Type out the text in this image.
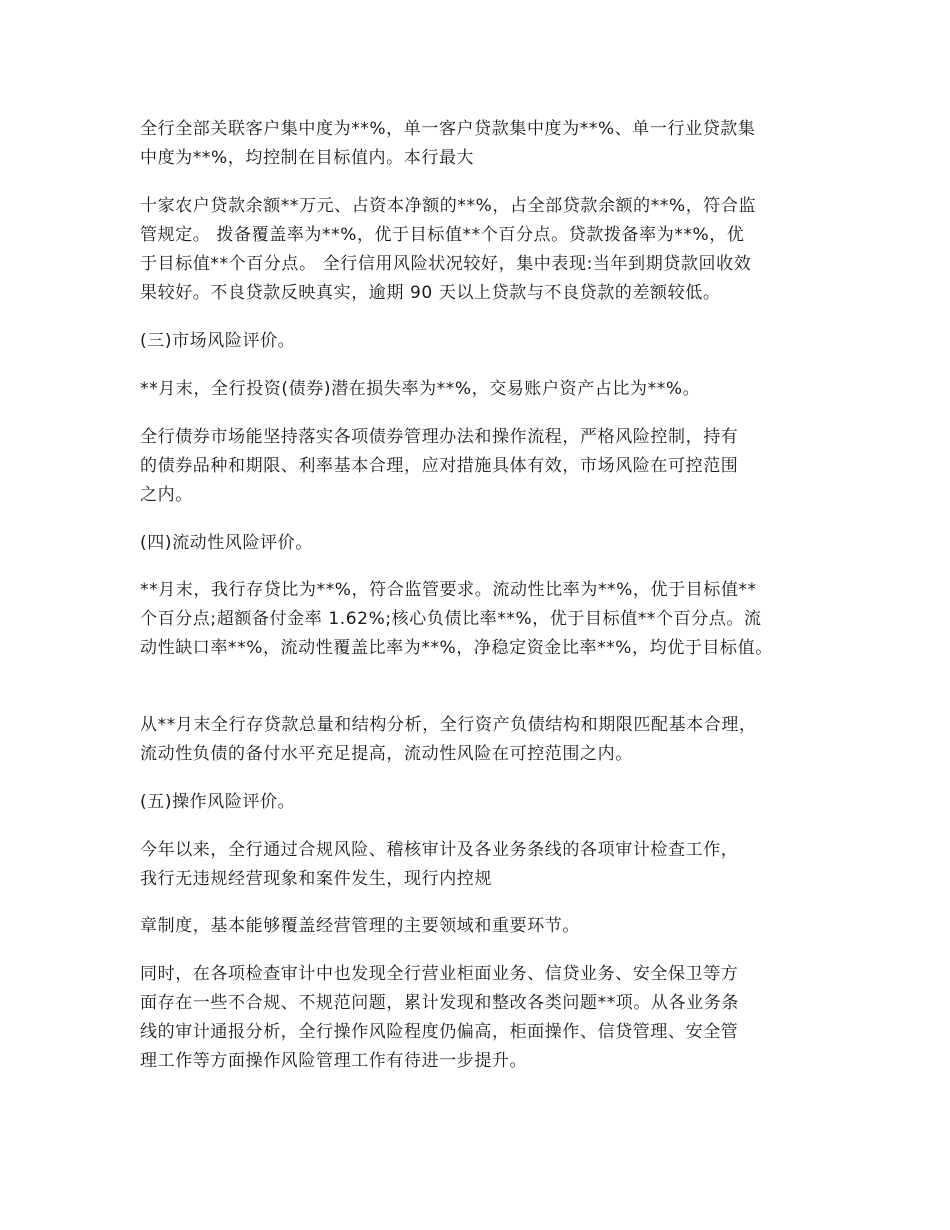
全行全部关联客户集中度为**%，单一客户贷款集中度为**%、单一行业贷款集
中度为**%，均控制在目标值内。本行最大

十家农户贷款余额**万元、占资本净额的**%，占全部贷款余额的**%，符合监
管规定。 拨备覆盖率为**%，优于目标值**个百分点。贷款拨备率为**%，优
于目标值**个百分点。 全行信用风险状况较好，集中表现:当年到期贷款回收效
果较好。不良贷款反映真实，逾期 90 天以上贷款与不良贷款的差额较低。

(三)市场风险评价。

**月末，全行投资(债券)潜在损失率为**%，交易账户资产占比为**%。

全行债券市场能坚持落实各项债券管理办法和操作流程，严格风险控制，持有
的债券品种和期限、利率基本合理，应对措施具体有效，市场风险在可控范围
之内。

(四)流动性风险评价。

**月末，我行存贷比为**%，符合监管要求。流动性比率为**%，优于目标值**
个百分点;超额备付金率 1.62%;核心负债比率**%，优于目标值**个百分点。流
动性缺口率**%，流动性覆盖比率为**%，净稳定资金比率**%，均优于目标值。

从**月末全行存贷款总量和结构分析，全行资产负债结构和期限匹配基本合理，
流动性负债的备付水平充足提高，流动性风险在可控范围之内。

(五)操作风险评价。

今年以来，全行通过合规风险、稽核审计及各业务条线的各项审计检查工作，
我行无违规经营现象和案件发生，现行内控规

章制度，基本能够覆盖经营管理的主要领域和重要环节。

同时，在各项检查审计中也发现全行营业柜面业务、信贷业务、安全保卫等方
面存在一些不合规、不规范问题，累计发现和整改各类问题**项。从各业务条
线的审计通报分析，全行操作风险程度仍偏高，柜面操作、信贷管理、安全管
理工作等方面操作风险管理工作有待进一步提升。
